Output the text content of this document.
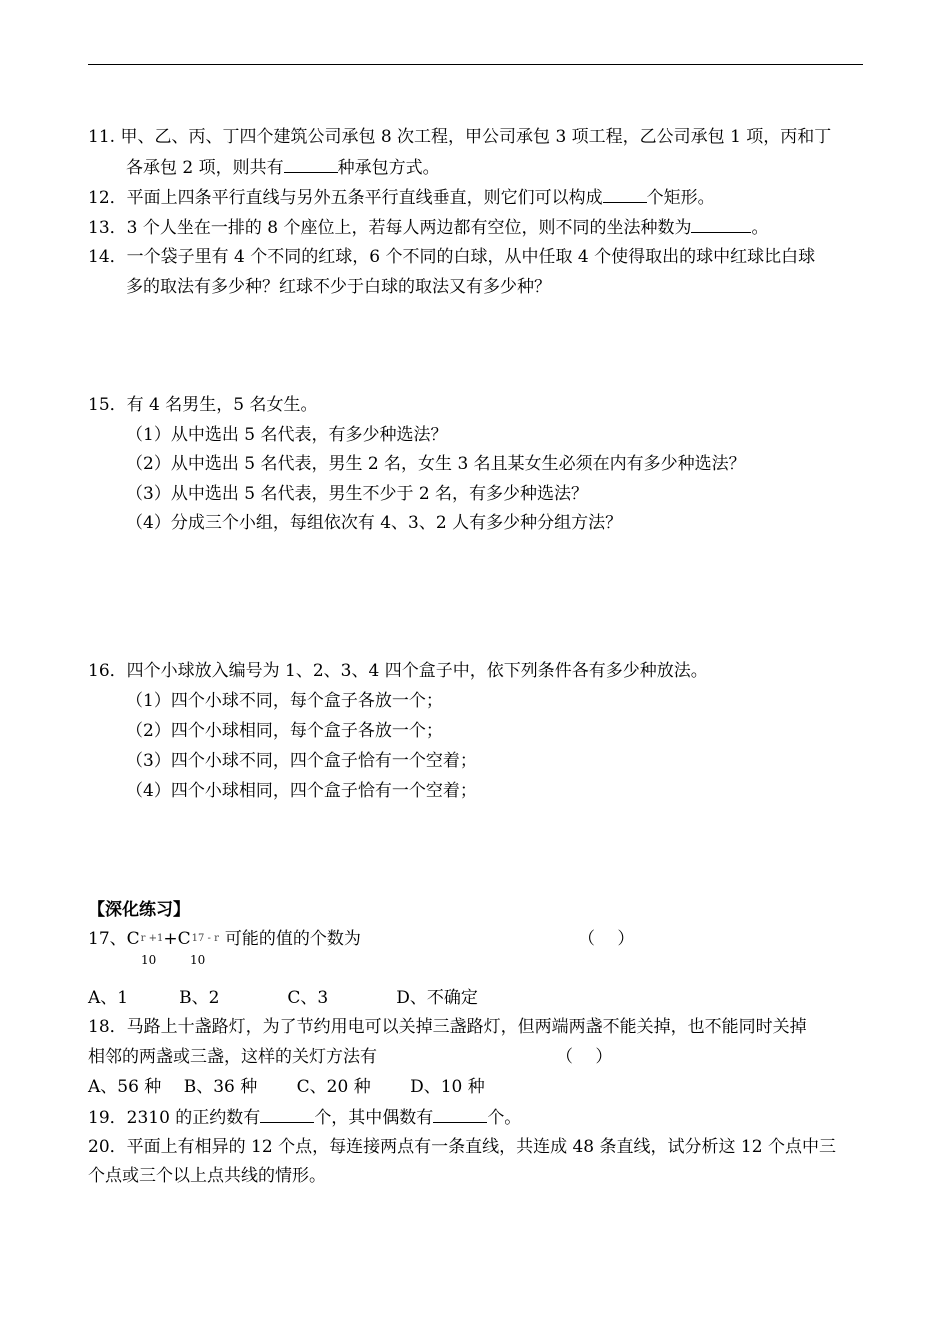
11. 甲、乙、丙、丁四个建筑公司承包 8 次工程，甲公司承包 3 项工程，乙公司承包 1 项，丙和丁
各承包 2 项，则共有	种承包方式。
12．平面上四条平行直线与另外五条平行直线垂直，则它们可以构成	个矩形。
13．3 个人坐在一排的 8 个座位上，若每人两边都有空位，则不同的坐法种数为	。
14．一个袋子里有 4 个不同的红球，6 个不同的白球，从中任取 4 个使得取出的球中红球比白球
多的取法有多少种？红球不少于白球的取法又有多少种？
15．有 4 名男生，5 名女生。
（1）从中选出 5 名代表，有多少种选法？
（2）从中选出 5 名代表，男生 2 名，女生 3 名且某女生必须在内有多少种选法？
（3）从中选出 5 名代表，男生不少于 2 名，有多少种选法？
（4）分成三个小组，每组依次有 4、3、2 人有多少种分组方法？
16．四个小球放入编号为 1、2、3、4 四个盒子中，依下列条件各有多少种放法。
（1）四个小球不同，每个盒子各放一个；
（2）四个小球相同，每个盒子各放一个；
（3）四个小球不同，四个盒子恰有一个空着；
（4）四个小球相同，四个盒子恰有一个空着；
【深化练习】
17、Cr +1+C17 - r 可能的值的个数为	（　 ）
10	10
A、1　　　B、2　　　　C、3　　　　D、不确定
18．马路上十盏路灯，为了节约用电可以关掉三盏路灯，但两端两盏不能关掉，也不能同时关掉
相邻的两盏或三盏，这样的关灯方法有	（　 ）
A、56 种　 B、36 种　　 C、20 种　　 D、10 种
19．2310 的正约数有	个，其中偶数有	个。
20．平面上有相异的 12 个点，每连接两点有一条直线，共连成 48 条直线，试分析这 12 个点中三
个点或三个以上点共线的情形。
